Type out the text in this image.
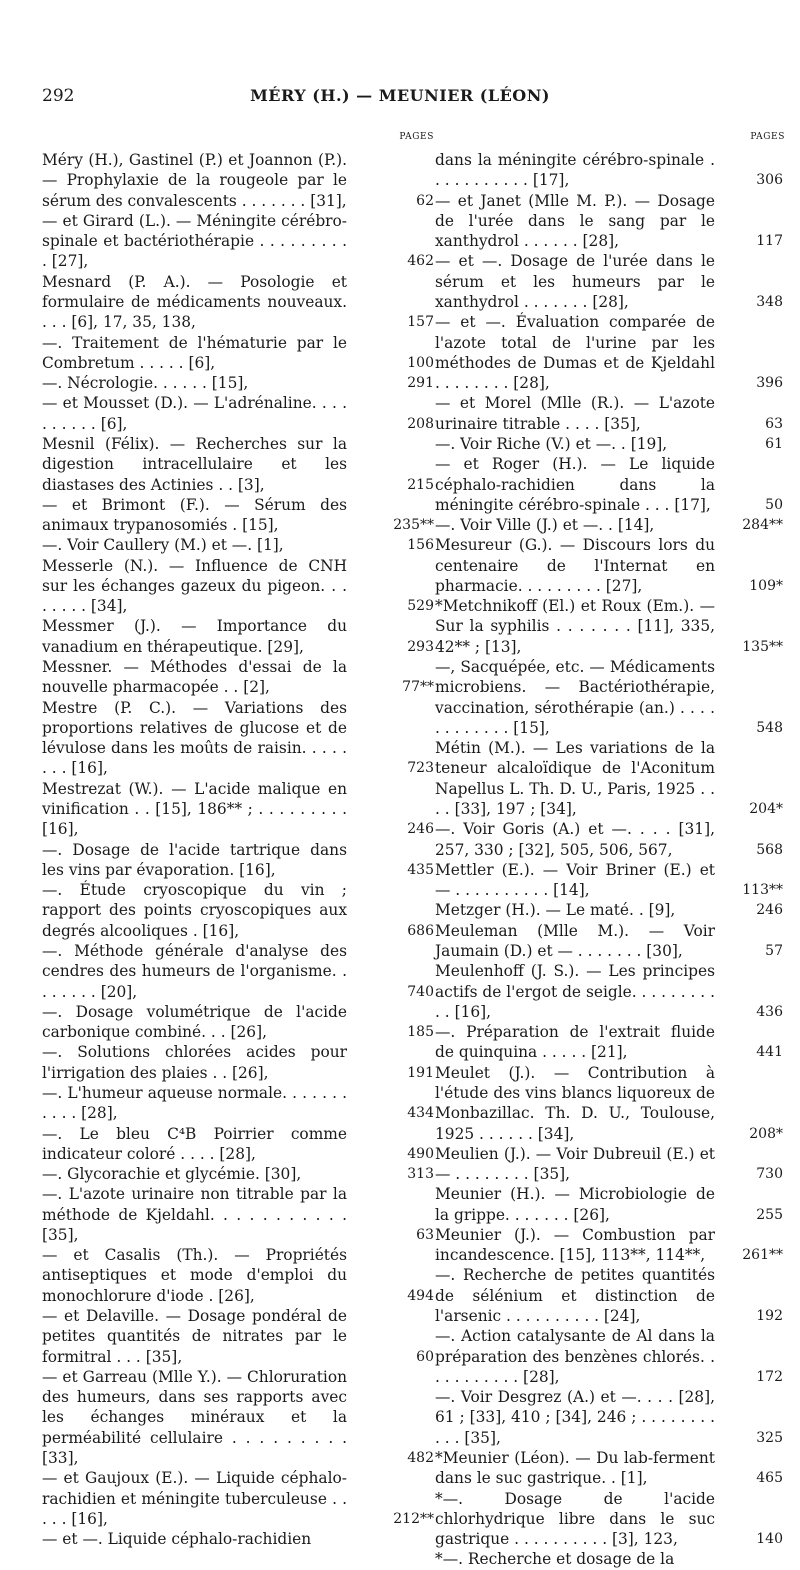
292	MÉRY (H.) — MEUNIER (LÉON)
PAGES
Méry (H.), Gastinel (P.) et Joannon (P.). — Prophylaxie de la rougeole par le sérum des convalescents . . . . . . . [31],	62
— et Girard (L.). — Méningite cérébro-spinale et bactériothérapie . . . . . . . . . . [27],	462
Mesnard (P. A.). — Posologie et formulaire de médicaments nouveaux. . . . [6], 17, 35, 138,	157
—. Traitement de l'hématurie par le Combretum . . . . . [6],	100
—. Nécrologie. . . . . . [15],	291
— et Mousset (D.). — L'adrénaline. . . . . . . . . . [6],	208
Mesnil (Félix). — Recherches sur la digestion intracellulaire et les diastases des Actinies . . [3],	215
— et Brimont (F.). — Sérum des animaux trypanosomiés . [15],	235**
—. Voir Caullery (M.) et —. [1],	156
Messerle (N.). — Influence de CNH sur les échanges gazeux du pigeon. . . . . . . . [34],	529
Messmer (J.). — Importance du vanadium en thérapeutique. [29],	293
Messner. — Méthodes d'essai de la nouvelle pharmacopée . . [2],	77**
Mestre (P. C.). — Variations des proportions relatives de glucose et de lévulose dans les moûts de raisin. . . . . . . . [16],	723
Mestrezat (W.). — L'acide malique en vinification . . [15], 186** ; . . . . . . . . . [16],	246
—. Dosage de l'acide tartrique dans les vins par évaporation. [16],	435
—. Étude cryoscopique du vin ; rapport des points cryoscopiques aux degrés alcooliques . [16],	686
—. Méthode générale d'analyse des cendres des humeurs de l'organisme. . . . . . . . [20],	740
—. Dosage volumétrique de l'acide carbonique combiné. . . [26],	185
—. Solutions chlorées acides pour l'irrigation des plaies . . [26],	191
—. L'humeur aqueuse normale. . . . . . . . . . . [28],	434
—. Le bleu C⁴B Poirrier comme indicateur coloré . . . . [28],	490
—. Glycorachie et glycémie. [30],	313
—. L'azote urinaire non titrable par la méthode de Kjeldahl. . . . . . . . . . . [35],	63
— et Casalis (Th.). — Propriétés antiseptiques et mode d'emploi du monochlorure d'iode . [26],	494
— et Delaville. — Dosage pondéral de petites quantités de nitrates par le formitral . . . [35],	60
— et Garreau (Mlle Y.). — Chloruration des humeurs, dans ses rapports avec les échanges minéraux et la perméabilité cellulaire . . . . . . . . . [33],	482
— et Gaujoux (E.). — Liquide céphalo-rachidien et méningite tuberculeuse . . . . . [16],	212**
— et —. Liquide céphalo-rachidien
PAGES
dans la méningite cérébro-spinale . . . . . . . . . . . [17],	306
— et Janet (Mlle M. P.). — Dosage de l'urée dans le sang par le xanthydrol . . . . . . [28],	117
— et —. Dosage de l'urée dans le sérum et les humeurs par le xanthydrol . . . . . . . [28],	348
— et —. Évaluation comparée de l'azote total de l'urine par les méthodes de Dumas et de Kjeldahl . . . . . . . . [28],	396
— et Morel (Mlle (R.). — L'azote urinaire titrable . . . . [35],	63
—. Voir Riche (V.) et —. . [19],	61
— et Roger (H.). — Le liquide céphalo-rachidien dans la méningite cérébro-spinale . . . [17],	50
—. Voir Ville (J.) et —. . [14],	284**
Mesureur (G.). — Discours lors du centenaire de l'Internat en pharmacie. . . . . . . . . [27],	109*
*Metchnikoff (El.) et Roux (Em.). — Sur la syphilis . . . . . . . [11], 335, 42** ; [13],	135**
—, Sacquépée, etc. — Médicaments microbiens. — Bactériothérapie, vaccination, sérothérapie (an.) . . . . . . . . . . . . [15],	548
Métin (M.). — Les variations de la teneur alcaloïdique de l'Aconitum Napellus L. Th. D. U., Paris, 1925 . . . . [33], 197 ; [34],	204*
—. Voir Goris (A.) et —. . . . [31], 257, 330 ; [32], 505, 506, 567,	568
Mettler (E.). — Voir Briner (E.) et — . . . . . . . . . . [14],	113**
Metzger (H.). — Le maté. . [9],	246
Meuleman (Mlle M.). — Voir Jaumain (D.) et — . . . . . . . [30],	57
Meulenhoff (J. S.). — Les principes actifs de l'ergot de seigle. . . . . . . . . . . [16],	436
—. Préparation de l'extrait fluide de quinquina . . . . . [21],	441
Meulet (J.). — Contribution à l'étude des vins blancs liquoreux de Monbazillac. Th. D. U., Toulouse, 1925 . . . . . . [34],	208*
Meulien (J.). — Voir Dubreuil (E.) et — . . . . . . . . [35],	730
Meunier (H.). — Microbiologie de la grippe. . . . . . . [26],	255
Meunier (J.). — Combustion par incandescence. [15], 113**, 114**,	261**
—. Recherche de petites quantités de sélénium et distinction de l'arsenic . . . . . . . . . . [24],	192
—. Action catalysante de Al dans la préparation des benzènes chlorés. . . . . . . . . . . [28],	172
—. Voir Desgrez (A.) et —. . . . [28], 61 ; [33], 410 ; [34], 246 ; . . . . . . . . . . . [35],	325
*Meunier (Léon). — Du lab-ferment dans le suc gastrique. . [1],	465
*—. Dosage de l'acide chlorhydrique libre dans le suc gastrique . . . . . . . . . . [3], 123,	140
*—. Recherche et dosage de la
